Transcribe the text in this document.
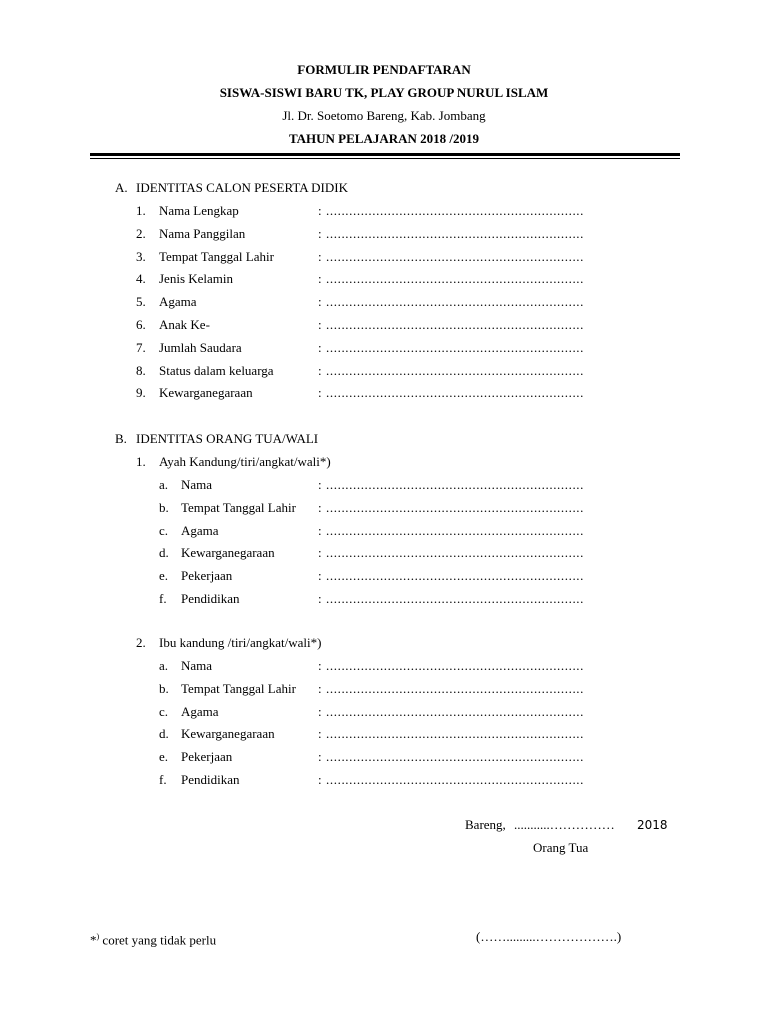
FORMULIR PENDAFTARAN
SISWA-SISWI BARU TK, PLAY GROUP NURUL ISLAM
Jl. Dr. Soetomo Bareng, Kab. Jombang
TAHUN PELAJARAN 2018 /2019
A. IDENTITAS CALON PESERTA DIDIK
1. Nama Lengkap	: ...................................................................
2. Nama Panggilan	: ...................................................................
3. Tempat Tanggal Lahir	: ...................................................................
4. Jenis Kelamin	: ...................................................................
5. Agama	: ...................................................................
6. Anak Ke-	: ...................................................................
7. Jumlah Saudara	: ...................................................................
8. Status dalam keluarga	: ...................................................................
9. Kewarganegaraan	: ...................................................................
B. IDENTITAS ORANG TUA/WALI
1. Ayah Kandung/tiri/angkat/wali*)
a. Nama	: ...................................................................
b. Tempat Tanggal Lahir : ...................................................................
c. Agama	: ...................................................................
d. Kewarganegaraan	: ...................................................................
e. Pekerjaan	: ...................................................................
f. Pendidikan	: ...................................................................
2. Ibu kandung /tiri/angkat/wali*)
a. Nama	: ...................................................................
b. Tempat Tanggal Lahir : ...................................................................
c. Agama	: ...................................................................
d. Kewarganegaraan	: ...................................................................
e. Pekerjaan	: ...................................................................
f. Pendidikan	: ...................................................................
Bareng, ...........…………… 2018
Orang Tua
(…….........……………….)
*) coret yang tidak perlu
